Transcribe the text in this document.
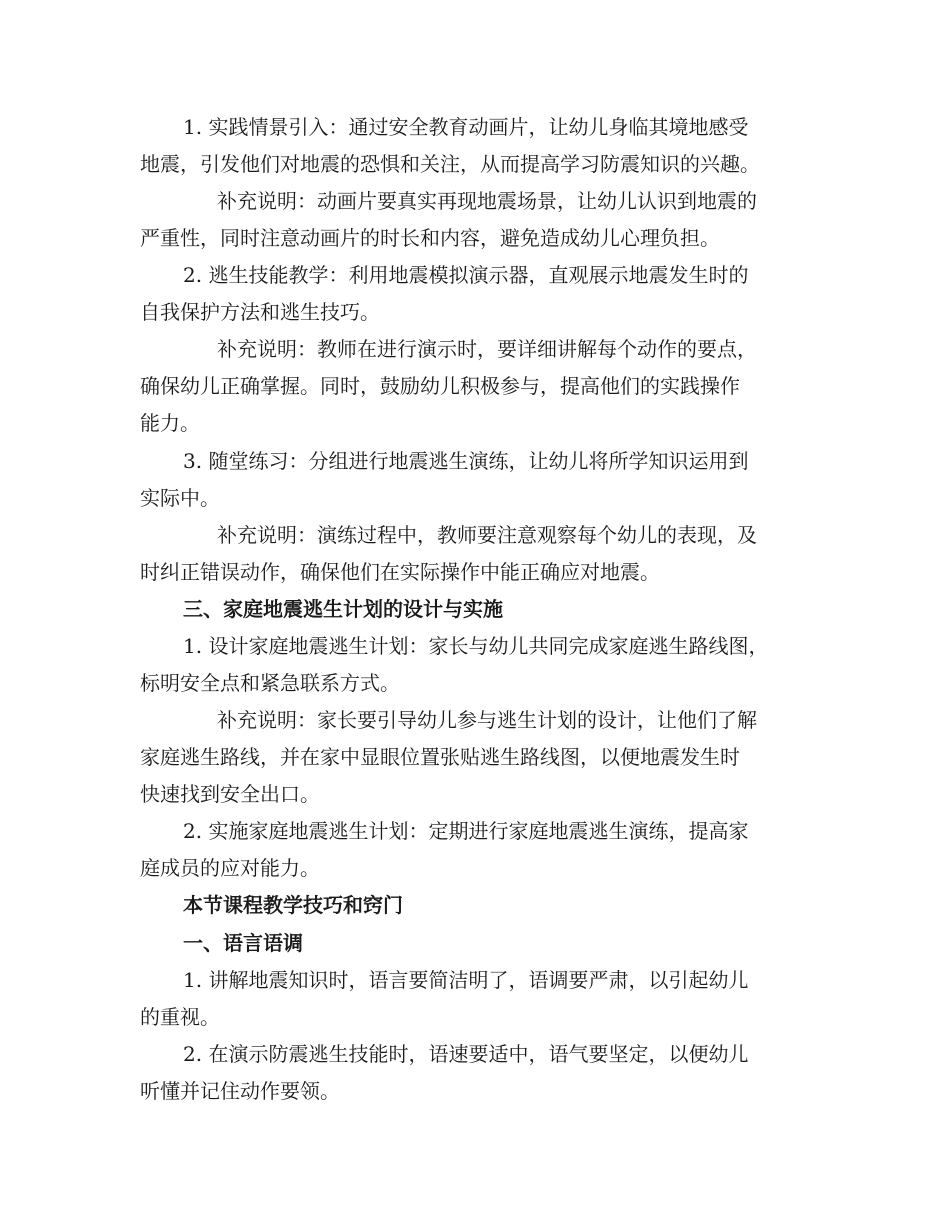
1. 实践情景引入：通过安全教育动画片，让幼儿身临其境地感受

地震，引发他们对地震的恐惧和关注，从而提高学习防震知识的兴趣。

补充说明：动画片要真实再现地震场景，让幼儿认识到地震的

严重性，同时注意动画片的时长和内容，避免造成幼儿心理负担。

2. 逃生技能教学：利用地震模拟演示器，直观展示地震发生时的

自我保护方法和逃生技巧。

补充说明：教师在进行演示时，要详细讲解每个动作的要点，

确保幼儿正确掌握。同时，鼓励幼儿积极参与，提高他们的实践操作

能力。

3. 随堂练习：分组进行地震逃生演练，让幼儿将所学知识运用到

实际中。

补充说明：演练过程中，教师要注意观察每个幼儿的表现，及

时纠正错误动作，确保他们在实际操作中能正确应对地震。

三、家庭地震逃生计划的设计与实施

1. 设计家庭地震逃生计划：家长与幼儿共同完成家庭逃生路线图，

标明安全点和紧急联系方式。

补充说明：家长要引导幼儿参与逃生计划的设计，让他们了解

家庭逃生路线，并在家中显眼位置张贴逃生路线图，以便地震发生时

快速找到安全出口。

2. 实施家庭地震逃生计划：定期进行家庭地震逃生演练，提高家

庭成员的应对能力。

本节课程教学技巧和窍门

一、语言语调

1. 讲解地震知识时，语言要简洁明了，语调要严肃，以引起幼儿

的重视。

2. 在演示防震逃生技能时，语速要适中，语气要坚定，以便幼儿

听懂并记住动作要领。
